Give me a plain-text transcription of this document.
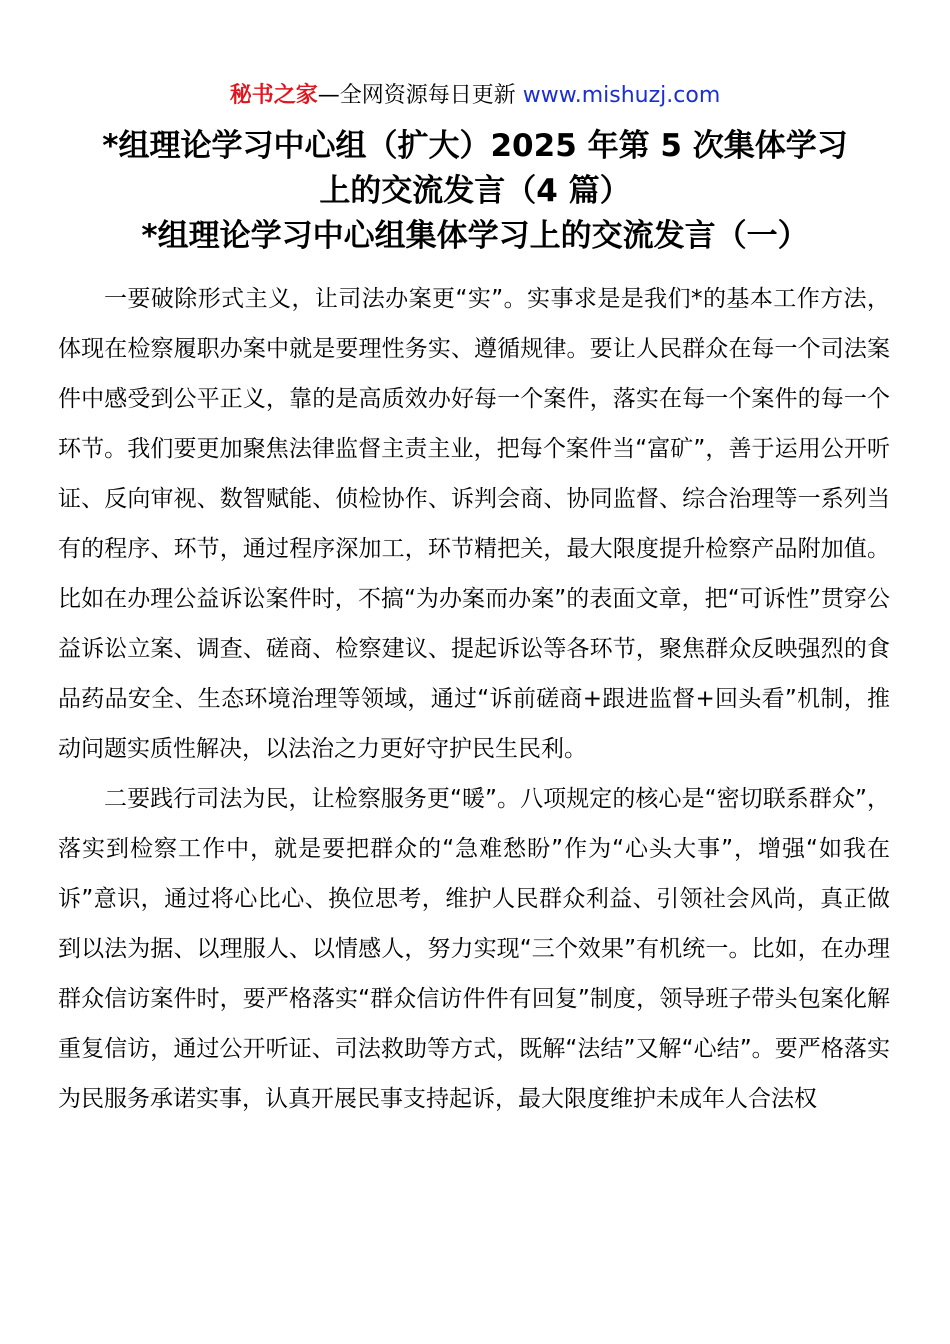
秘书之家—全网资源每日更新 www.mishuzj.com
*组理论学习中心组（扩大）2025 年第 5 次集体学习
上的交流发言（4 篇）
*组理论学习中心组集体学习上的交流发言（一）

一要破除形式主义，让司法办案更“实”。实事求是是我们*的基本工作方法，体现在检察履职办案中就是要理性务实、遵循规律。要让人民群众在每一个司法案件中感受到公平正义，靠的是高质效办好每一个案件，落实在每一个案件的每一个环节。我们要更加聚焦法律监督主责主业，把每个案件当“富矿”，善于运用公开听证、反向审视、数智赋能、侦检协作、诉判会商、协同监督、综合治理等一系列当有的程序、环节，通过程序深加工，环节精把关，最大限度提升检察产品附加值。比如在办理公益诉讼案件时，不搞“为办案而办案”的表面文章，把“可诉性”贯穿公益诉讼立案、调查、磋商、检察建议、提起诉讼等各环节，聚焦群众反映强烈的食品药品安全、生态环境治理等领域，通过“诉前磋商+跟进监督+回头看”机制，推动问题实质性解决，以法治之力更好守护民生民利。

二要践行司法为民，让检察服务更“暖”。八项规定的核心是“密切联系群众”，落实到检察工作中，就是要把群众的“急难愁盼”作为“心头大事”，增强“如我在诉”意识，通过将心比心、换位思考，维护人民群众利益、引领社会风尚，真正做到以法为据、以理服人、以情感人，努力实现“三个效果”有机统一。比如，在办理群众信访案件时，要严格落实“群众信访件件有回复”制度，领导班子带头包案化解重复信访，通过公开听证、司法救助等方式，既解“法结”又解“心结”。要严格落实为民服务承诺实事，认真开展民事支持起诉，最大限度维护未成年人合法权
